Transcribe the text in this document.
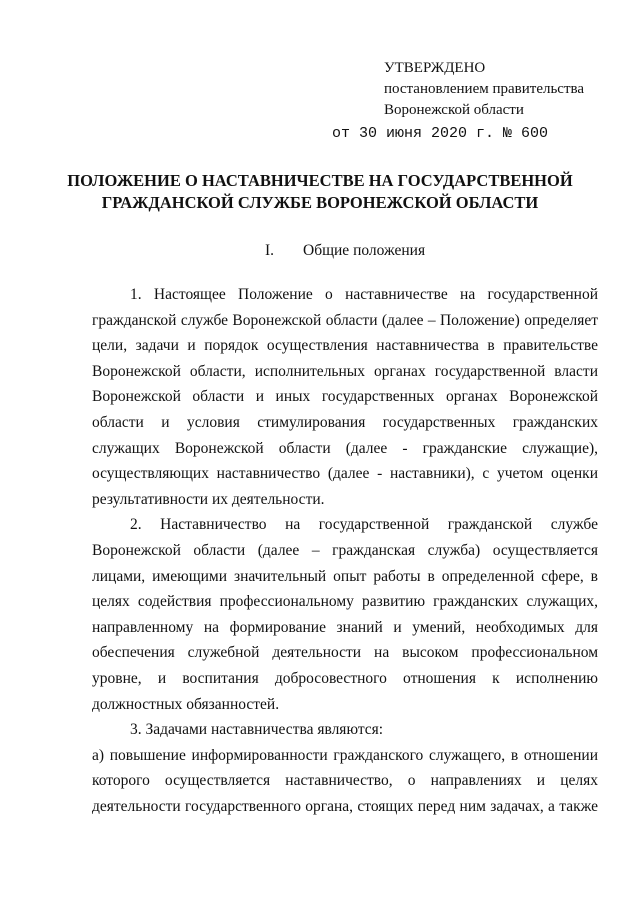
УТВЕРЖДЕНО
постановлением правительства
Воронежской области
от 30 июня 2020 г. № 600
ПОЛОЖЕНИЕ О НАСТАВНИЧЕСТВЕ НА ГОСУДАРСТВЕННОЙ
ГРАЖДАНСКОЙ СЛУЖБЕ ВОРОНЕЖСКОЙ ОБЛАСТИ
I. Общие положения

1. Настоящее Положение о наставничестве на государственной гражданской службе Воронежской области (далее – Положение) определяет цели, задачи и порядок осуществления наставничества в правительстве Воронежской области, исполнительных органах государственной власти Воронежской области и иных государственных органах Воронежской области и условия стимулирования государственных гражданских служащих Воронежской области (далее - гражданские служащие), осуществляющих наставничество (далее - наставники), с учетом оценки результативности их деятельности.

2. Наставничество на государственной гражданской службе Воронежской области (далее – гражданская служба) осуществляется лицами, имеющими значительный опыт работы в определенной сфере, в целях содействия профессиональному развитию гражданских служащих, направленному на формирование знаний и умений, необходимых для обеспечения служебной деятельности на высоком профессиональном уровне, и воспитания добросовестного отношения к исполнению должностных обязанностей.

3. Задачами наставничества являются:

а) повышение информированности гражданского служащего, в отношении которого осуществляется наставничество, о направлениях и целях деятельности государственного органа, стоящих перед ним задачах, а также
